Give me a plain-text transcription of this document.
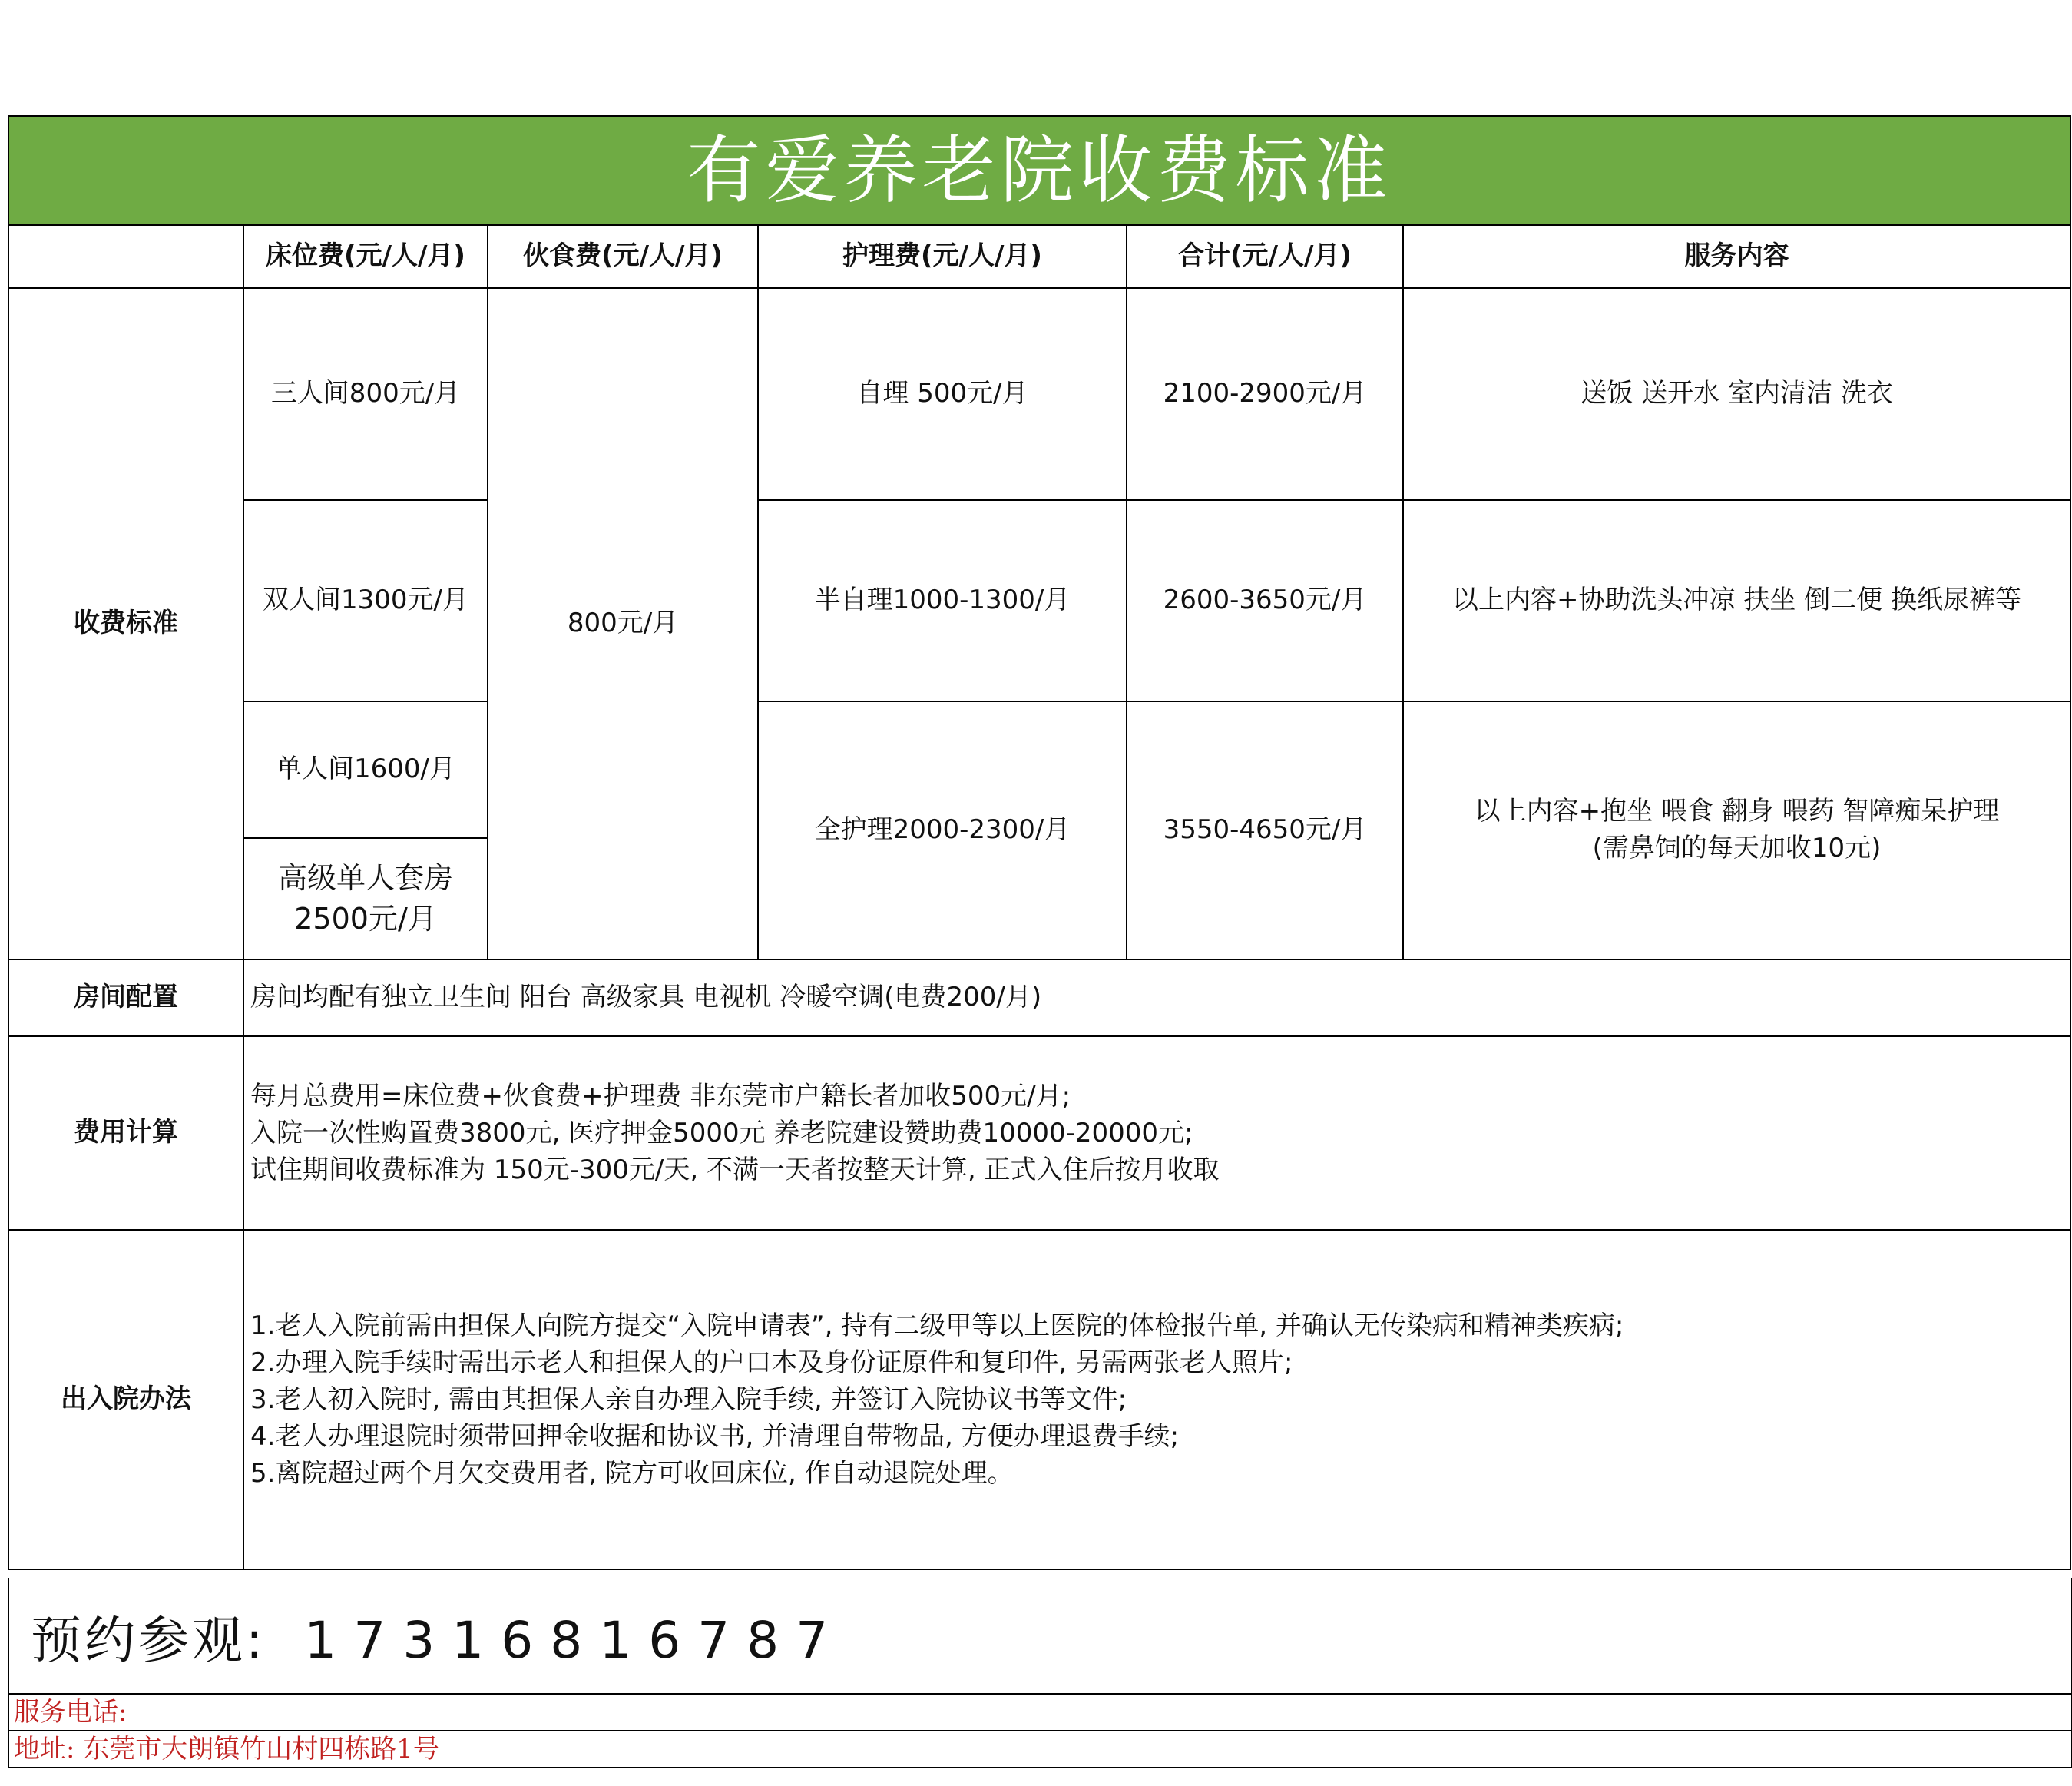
有爱养老院收费标准					
	床位费(元/人/月)	伙食费(元/人/月)	护理费(元/人/月)	合计(元/人/月)	服务内容
收费标准	三人间800元/月	800元/月	自理 500元/月	2100-2900元/月	送饭 送开水 室内清洁 洗衣
	双人间1300元/月		半自理1000-1300/月	2600-3650元/月	以上内容+协助洗头冲凉 扶坐 倒二便 换纸尿裤等
	单人间1600/月		全护理2000-2300/月	3550-4650元/月	以上内容+抱坐 喂食 翻身 喂药 智障痴呆护理
(需鼻饲的每天加收10元)

	高级单人套房
2500元/月				

房间配置	房间均配有独立卫生间 阳台 高级家具 电视机 冷暖空调(电费200/月)				
费用计算	每月总费用=床位费+伙食费+护理费 非东莞市户籍长者加收500元/月;
入院一次性购置费3800元, 医疗押金5000元 养老院建设赞助费10000-20000元;
试住期间收费标准为 150元-300元/天, 不满一天者按整天计算, 正式入住后按月收取				

出入院办法	1.老人入院前需由担保人向院方提交“入院申请表”, 持有二级甲等以上医院的体检报告单, 并确认无传染病和精神类疾病;
2.办理入院手续时需出示老人和担保人的户口本及身份证原件和复印件, 另需两张老人照片;
3.老人初入院时, 需由其担保人亲自办理入院手续, 并签订入院协议书等文件;
4.老人办理退院时须带回押金收据和协议书, 并清理自带物品, 方便办理退费手续;
5.离院超过两个月欠交费用者, 院方可收回床位, 作自动退院处理。				
预约参观: 17316816787
服务电话:
地址: 东莞市大朗镇竹山村四栋路1号
